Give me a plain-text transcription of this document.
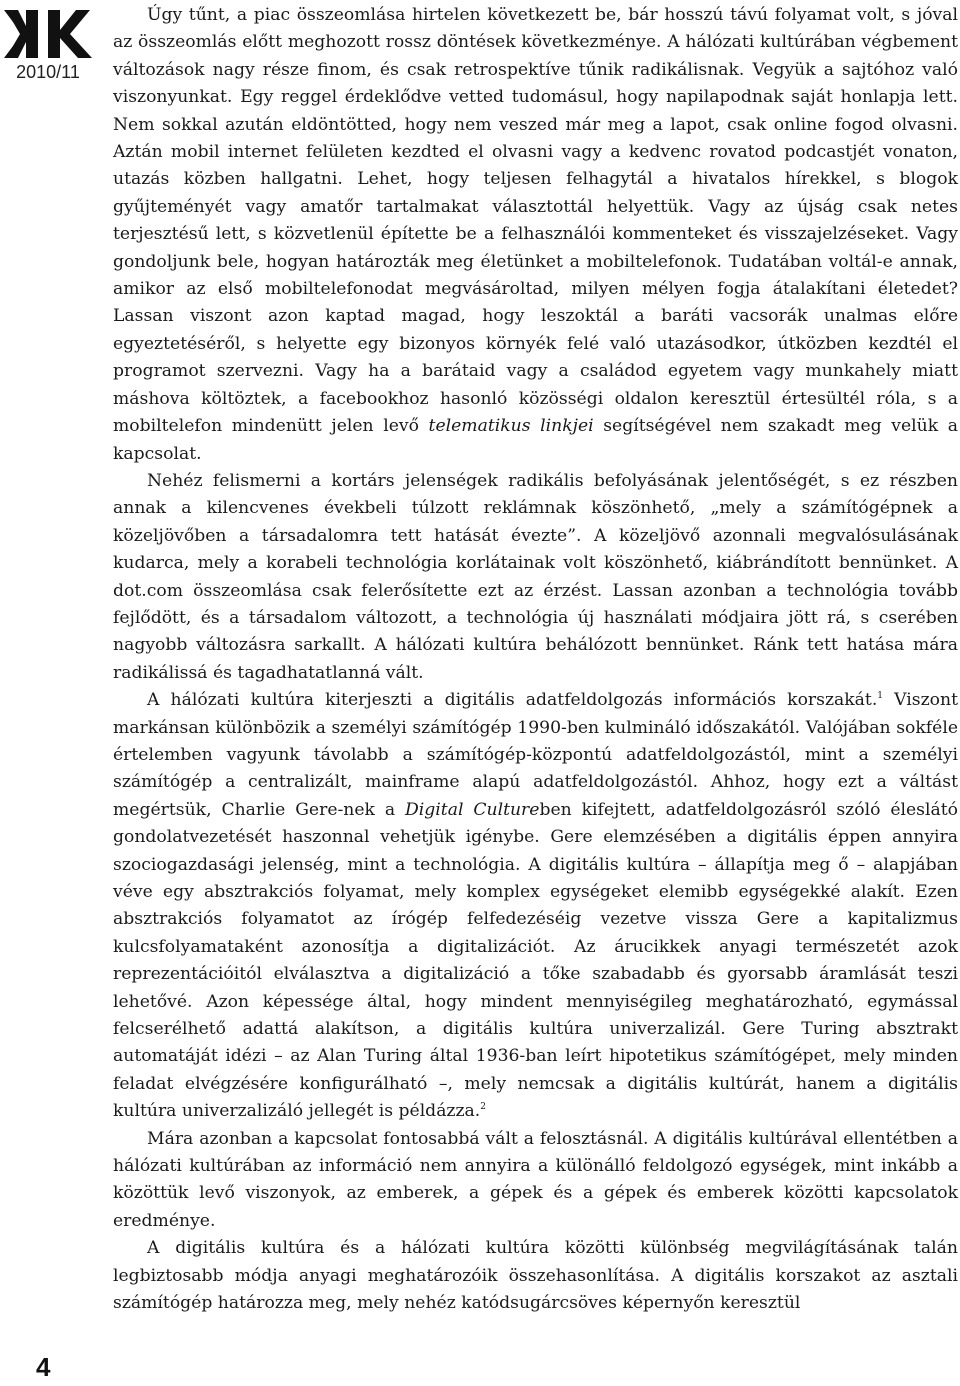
2010/11
4

Úgy tűnt, a piac összeomlása hirtelen következett be, bár hosszú távú folyamat volt, s jóval az összeomlás előtt meghozott rossz döntések következménye. A hálózati kultúrában végbement változások nagy része finom, és csak retrospektíve tűnik radikálisnak. Vegyük a sajtóhoz való viszonyunkat. Egy reggel érdeklődve vetted tudomásul, hogy napilapodnak saját honlapja lett. Nem sokkal azután eldöntötted, hogy nem veszed már meg a lapot, csak online fogod olvasni. Aztán mobil internet felületen kezdted el olvasni vagy a kedvenc rovatod podcastjét vonaton, utazás közben hallgatni. Lehet, hogy teljesen felhagytál a hivatalos hírekkel, s blogok gyűjteményét vagy amatőr tartalmakat választottál helyettük. Vagy az újság csak netes terjesztésű lett, s közvetlenül építette be a felhasználói kommenteket és visszajelzéseket. Vagy gondoljunk bele, hogyan határozták meg életünket a mobiltelefonok. Tudatában voltál-e annak, amikor az első mobiltelefonodat megvásároltad, milyen mélyen fogja átalakítani életedet? Lassan viszont azon kaptad magad, hogy leszoktál a baráti vacsorák unalmas előre egyeztetéséről, s helyette egy bizonyos környék felé való utazásodkor, útközben kezdtél el programot szervezni. Vagy ha a barátaid vagy a családod egyetem vagy munkahely miatt máshova költöztek, a facebookhoz hasonló közösségi oldalon keresztül értesültél róla, s a mobiltelefon mindenütt jelen levő telematikus linkjei segítségével nem szakadt meg velük a kapcsolat.

Nehéz felismerni a kortárs jelenségek radikális befolyásának jelentőségét, s ez részben annak a kilencvenes évekbeli túlzott reklámnak köszönhető, „mely a számítógépnek a közeljövőben a társadalomra tett hatását évezte”. A közeljövő azonnali megvalósulásának kudarca, mely a korabeli technológia korlátainak volt köszönhető, kiábrándított bennünket. A dot.com összeomlása csak felerősítette ezt az érzést. Lassan azonban a technológia tovább fejlődött, és a társadalom változott, a technológia új használati módjaira jött rá, s cserében nagyobb változásra sarkallt. A hálózati kultúra behálózott bennünket. Ránk tett hatása mára radikálissá és tagadhatatlanná vált.

A hálózati kultúra kiterjeszti a digitális adatfeldolgozás információs korszakát.$^1$ Viszont markánsan különbözik a személyi számítógép 1990-ben kulmináló időszakától. Valójában sokféle értelemben vagyunk távolabb a számítógép-központú adatfeldolgozástól, mint a személyi számítógép a centralizált, mainframe alapú adatfeldolgozástól. Ahhoz, hogy ezt a váltást megértsük, Charlie Gere-nek a Digital Cultureben kifejtett, adatfeldolgozásról szóló éleslátó gondolatvezetését haszonnal vehetjük igénybe. Gere elemzésében a digitális éppen annyira szociogazdasági jelenség, mint a technológia. A digitális kultúra – állapítja meg ő – alapjában véve egy absztrakciós folyamat, mely komplex egységeket elemibb egységekké alakít. Ezen absztrakciós folyamatot az írógép felfedezéséig vezetve vissza Gere a kapitalizmus kulcsfolyamataként azonosítja a digitalizációt. Az árucikkek anyagi természetét azok reprezentációitól elválasztva a digitalizáció a tőke szabadabb és gyorsabb áramlását teszi lehetővé. Azon képessége által, hogy mindent mennyiségileg meghatározható, egymással felcserélhető adattá alakítson, a digitális kultúra univerzalizál. Gere Turing absztrakt automatáját idézi – az Alan Turing által 1936-ban leírt hipotetikus számítógépet, mely minden feladat elvégzésére konfigurálható –, mely nemcsak a digitális kultúrát, hanem a digitális kultúra univerzalizáló jellegét is példázza.$^2$

Mára azonban a kapcsolat fontosabbá vált a felosztásnál. A digitális kultúrával ellentétben a hálózati kultúrában az információ nem annyira a különálló feldolgozó egységek, mint inkább a közöttük levő viszonyok, az emberek, a gépek és a gépek és emberek közötti kapcsolatok eredménye.

A digitális kultúra és a hálózati kultúra közötti különbség megvilágításának talán legbiztosabb módja anyagi meghatározóik összehasonlítása. A digitális korszakot az asztali számítógép határozza meg, mely nehéz katódsugárcsöves képernyőn keresztül
